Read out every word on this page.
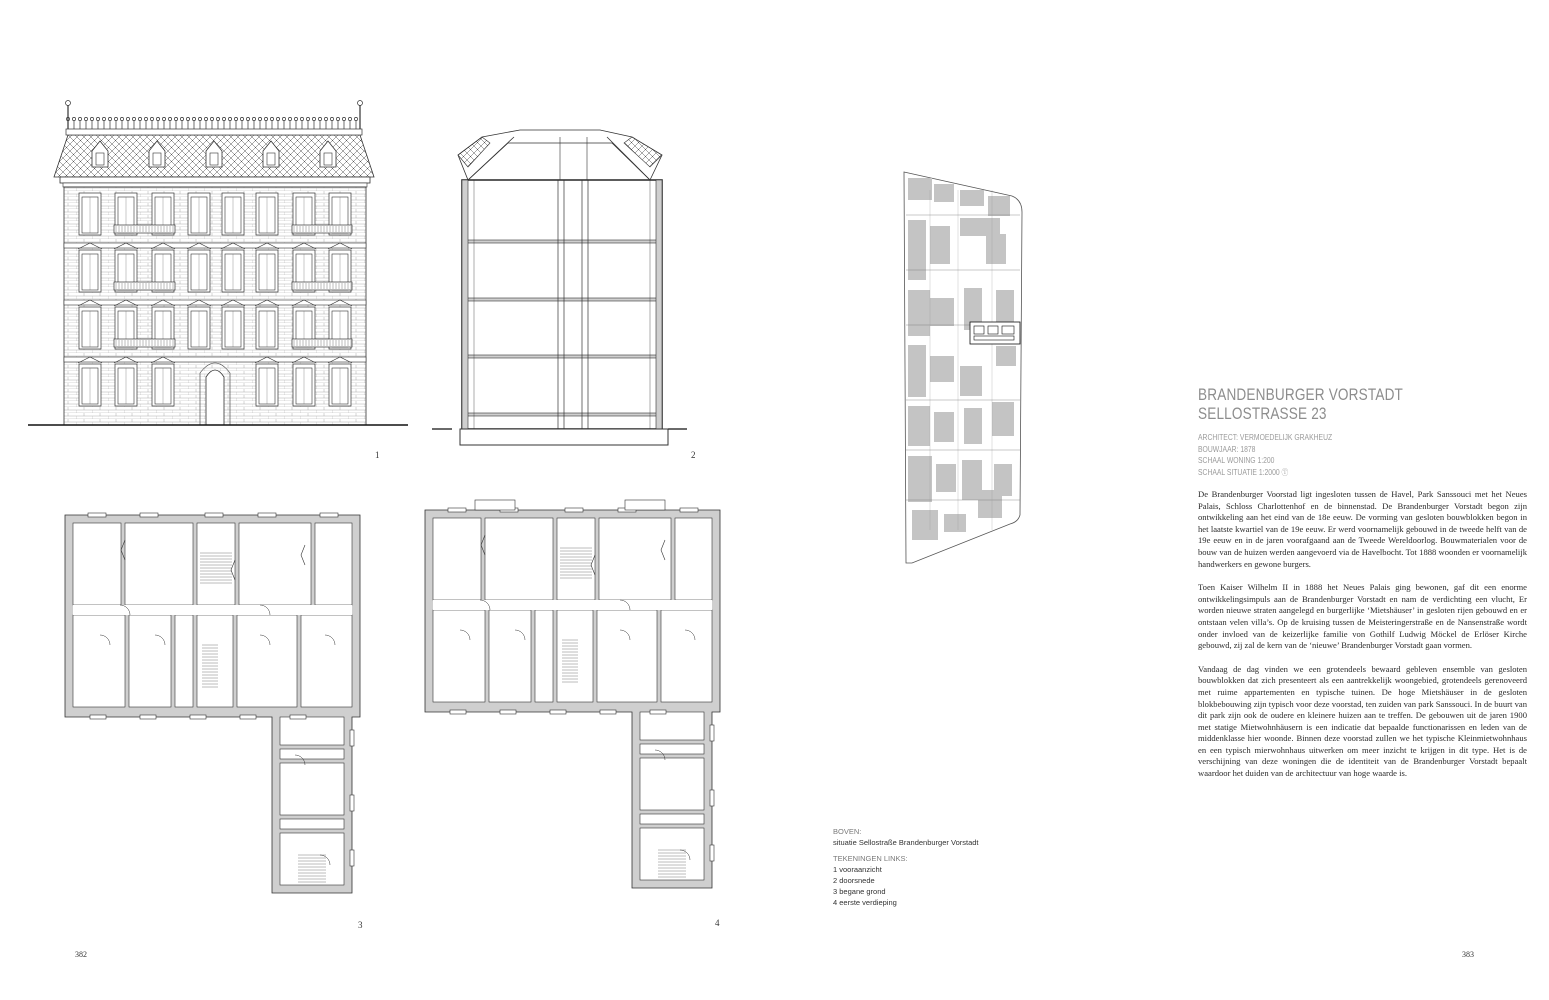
1	2
3	4
BOVEN:
situatie Sellostraße Brandenburger Vorstadt
TEKENINGEN LINKS:
1 vooraanzicht
2 doorsnede
3 begane grond
4 eerste verdieping
BRANDENBURGER VORSTADT
SELLOSTRASSE 23
ARCHITECT: VERMOEDELIJK GRAKHEUZ
BOUWJAAR: 1878
SCHAAL WONING 1:200
SCHAAL SITUATIE 1:2000 Ⓣ

De Brandenburger Voorstad ligt ingesloten tussen de Havel, Park Sanssouci met het Neues Palais, Schloss Charlottenhof en de binnenstad. De Brandenburger Vorstadt begon zijn ontwikkeling aan het eind van de 18e eeuw. De vorming van gesloten bouwblokken begon in het laatste kwartiel van de 19e eeuw. Er werd voornamelijk gebouwd in de tweede helft van de 19e eeuw en in de jaren voorafgaand aan de Tweede Wereldoorlog. Bouwmaterialen voor de bouw van de huizen werden aangevoerd via de Havelbocht. Tot 1888 woonden er voornamelijk handwerkers en gewone burgers.

Toen Kaiser Wilhelm II in 1888 het Neues Palais ging bewonen, gaf dit een enorme ontwikkelingsimpuls aan de Brandenburger Vorstadt en nam de verdichting een vlucht, Er worden nieuwe straten aangelegd en burgerlijke ‘Mietshäuser’ in gesloten rijen gebouwd en er ontstaan velen villa’s. Op de kruising tussen de Meisteringerstraße en de Nansenstraße wordt onder invloed van de keizerlijke familie von Gothilf Ludwig Möckel de Erlöser Kirche gebouwd, zij zal de kern van de ‘nieuwe’ Brandenburger Vorstadt gaan vormen.

Vandaag de dag vinden we een grotendeels bewaard gebleven ensemble van gesloten bouwblokken dat zich presenteert als een aantrekkelijk woongebied, grotendeels gerenoveerd met ruime appartementen en typische tuinen. De hoge Mietshäuser in de gesloten blokbebouwing zijn typisch voor deze voorstad, ten zuiden van park Sanssouci. In de buurt van dit park zijn ook de oudere en kleinere huizen aan te treffen. De gebouwen uit de jaren 1900 met statige Mietwohnhäusern is een indicatie dat bepaalde functionarissen en leden van de middenklasse hier woonde. Binnen deze voorstad zullen we het typische Kleinmietwohnhaus en een typisch mierwohnhaus uitwerken om meer inzicht te krijgen in dit type. Het is de verschijning van deze woningen die de identiteit van de Brandenburger Vorstadt bepaalt waardoor het duiden van de architectuur van hoge waarde is.

382	383
